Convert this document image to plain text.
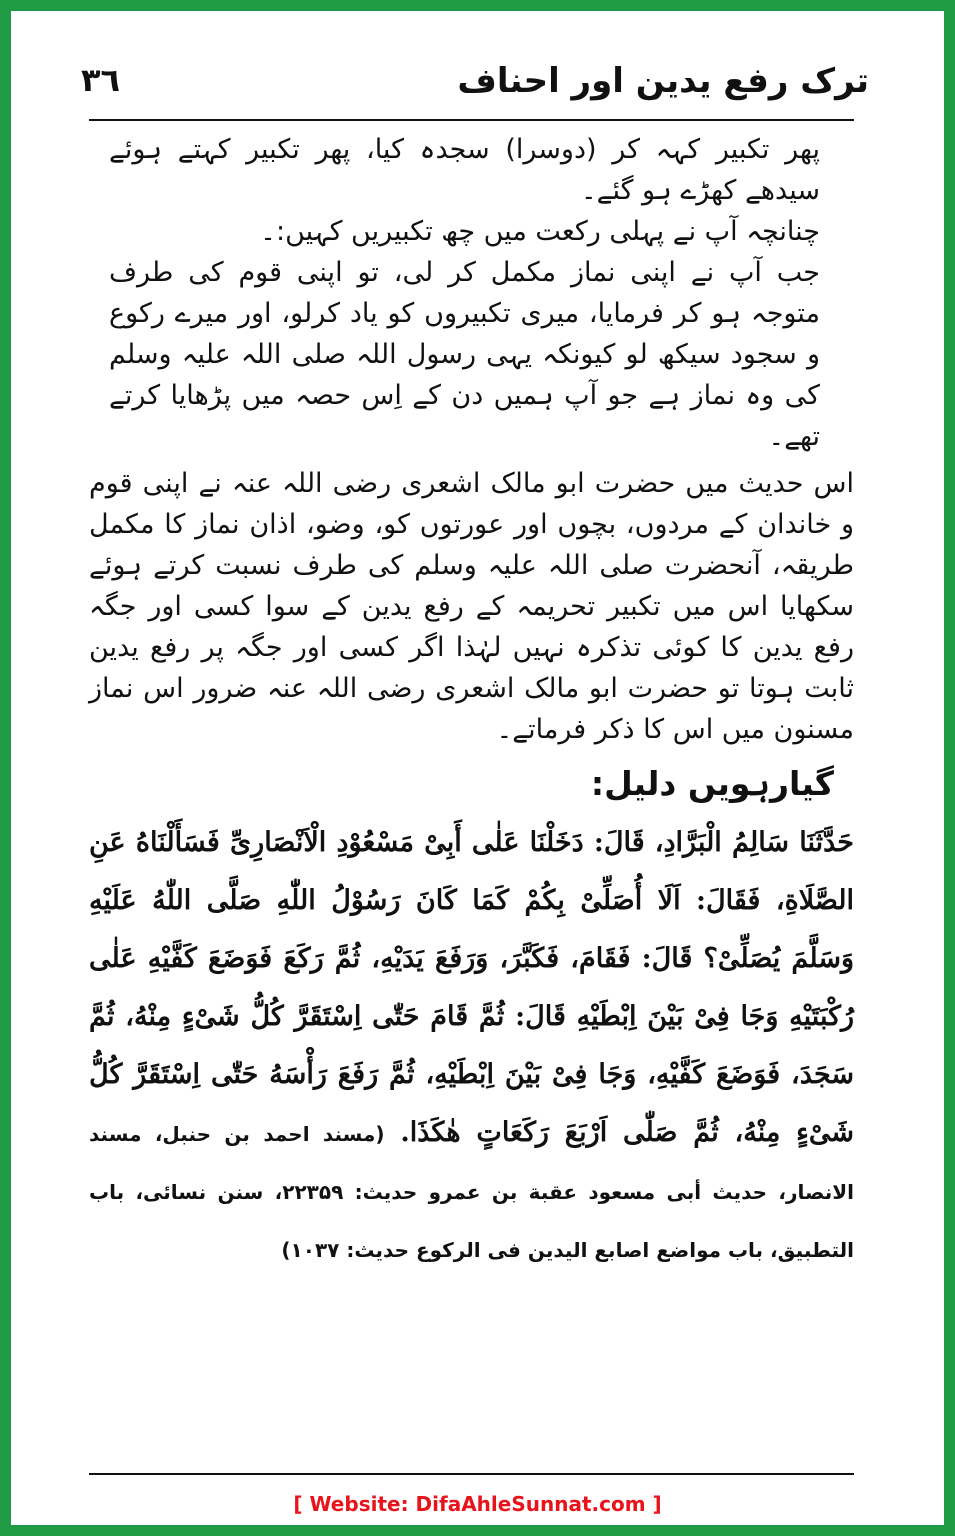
ترک رفع یدین اور احناف
۳٦

پھر تکبیر کہہ کر (دوسرا) سجدہ کیا، پھر تکبیر کہتے ہوئے سیدھے کھڑے ہو گئے۔

چنانچہ آپ نے پہلی رکعت میں چھ تکبیریں کہیں:۔

جب آپ نے اپنی نماز مکمل کر لی، تو اپنی قوم کی طرف متوجہ ہو کر فرمایا، میری تکبیروں کو یاد کرلو، اور میرے رکوع و سجود سیکھ لو کیونکہ یہی رسول اللہ صلی اللہ علیہ وسلم کی وہ نماز ہے جو آپ ہمیں دن کے اِس حصہ میں پڑھایا کرتے تھے۔

اس حدیث میں حضرت ابو مالک اشعری رضی اللہ عنہ نے اپنی قوم و خاندان کے مردوں، بچوں اور عورتوں کو، وضو، اذان نماز کا مکمل طریقہ، آنحضرت صلی اللہ علیہ وسلم کی طرف نسبت کرتے ہوئے سکھایا اس میں تکبیر تحریمہ کے رفع یدین کے سوا کسی اور جگہ رفع یدین کا کوئی تذکرہ نہیں لہٰذا اگر کسی اور جگہ پر رفع یدین ثابت ہوتا تو حضرت ابو مالک اشعری رضی اللہ عنہ ضرور اس نماز مسنون میں اس کا ذکر فرماتے۔

گیارہویں دلیل:

حَدَّثَنَا سَالِمُ الْبَرَّادِ، قَالَ: دَخَلْنَا عَلٰی أَبِیْ مَسْعُوْدِ الْاَنْصَارِیِّ فَسَأَلْنَاهُ عَنِ الصَّلَاةِ، فَقَالَ: اَلَا أُصَلِّیْ بِکُمْ کَمَا کَانَ رَسُوْلُ اللّٰهِ صَلَّی اللّٰهُ عَلَیْهِ وَسَلَّمَ یُصَلِّیْ؟ قَالَ: فَقَامَ، فَکَبَّرَ، وَرَفَعَ یَدَیْهِ، ثُمَّ رَکَعَ فَوَضَعَ کَفَّیْهِ عَلٰی رُکْبَتَیْهِ وَجَا فِیْ بَیْنَ اِبْطَیْهِ قَالَ: ثُمَّ قَامَ حَتّٰی اِسْتَقَرَّ کُلُّ شَیْءٍ مِنْهُ، ثُمَّ سَجَدَ، فَوَضَعَ کَفَّیْهِ، وَجَا فِیْ بَیْنَ اِبْطَیْهِ، ثُمَّ رَفَعَ رَأْسَهُ حَتّٰی اِسْتَقَرَّ کُلُّ شَیْءٍ مِنْهُ، ثُمَّ صَلّٰی اَرْبَعَ رَکَعَاتٍ هٰکَذَا. (مسند احمد بن حنبل، مسند الانصار، حدیث أبی مسعود عقبة بن عمرو حدیث: ۲۲۳۵۹، سنن نسائی، باب التطبیق، باب مواضع اصابع الیدین فی الرکوع حدیث: ۱۰۳۷)

[ Website: DifaAhleSunnat.com ]
